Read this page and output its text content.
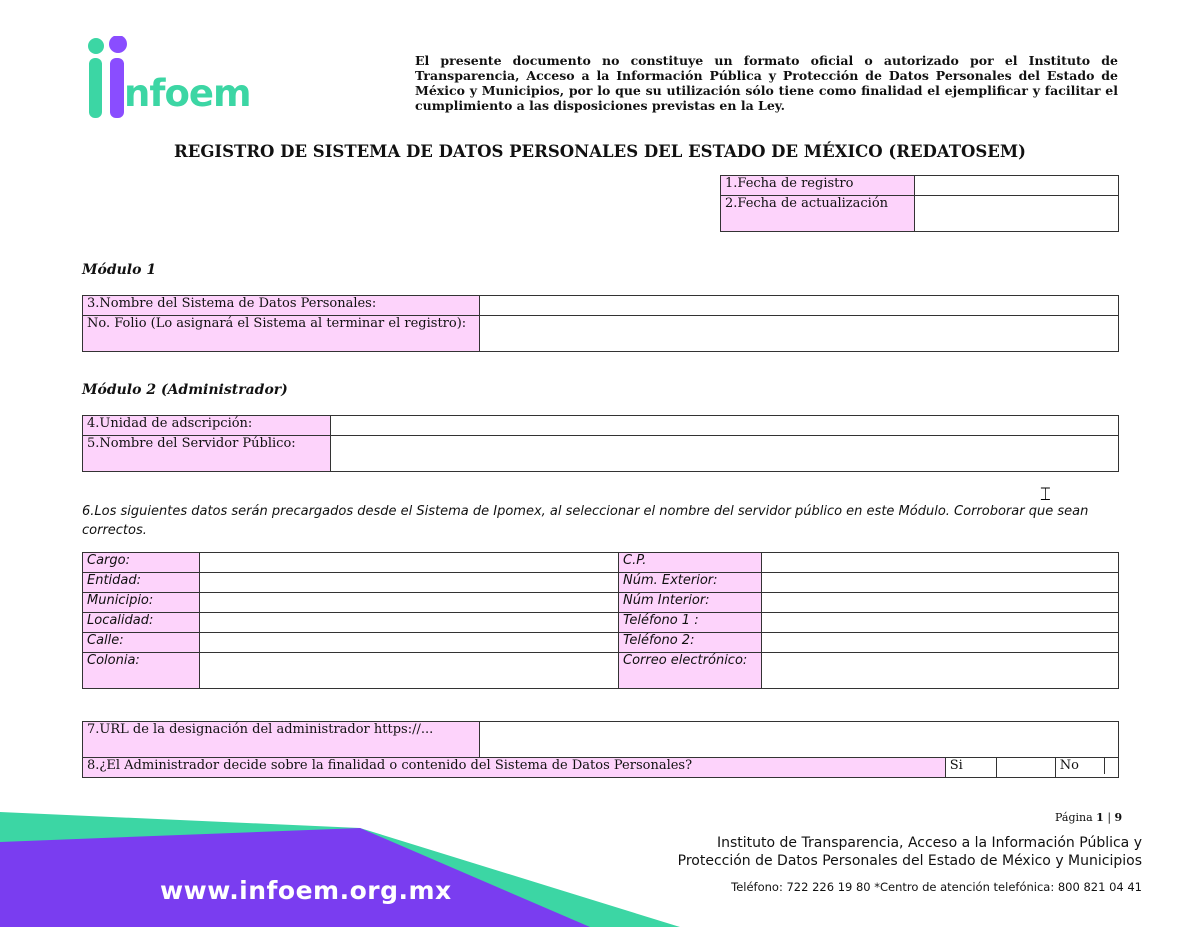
nfoem
El presente documento no constituye un formato oficial o autorizado por el Instituto de Transparencia, Acceso a la Información Pública y Protección de Datos Personales del Estado de México y Municipios, por lo que su utilización sólo tiene como finalidad el ejemplificar y facilitar el cumplimiento a las disposiciones previstas en la Ley.
REGISTRO DE SISTEMA DE DATOS PERSONALES DEL ESTADO DE MÉXICO (REDATOSEM)
1.Fecha de registro	
2.Fecha de actualización	
Módulo 1
3.Nombre del Sistema de Datos Personales:	
No. Folio (Lo asignará el Sistema al terminar el registro):	
Módulo 2 (Administrador)
4.Unidad de adscripción:	
5.Nombre del Servidor Público:	
6.Los siguientes datos serán precargados desde el Sistema de Ipomex, al seleccionar el nombre del servidor público en este Módulo. Corroborar que sean correctos.
Cargo:		C.P.	
Entidad:		Núm. Exterior:	
Municipio:		Núm Interior:	
Localidad:		Teléfono 1 :	
Calle:		Teléfono 2:	
Colonia:		Correo electrónico:	
7.URL de la designación del administrador https://...	
8.¿El Administrador decide sobre la finalidad o contenido del Sistema de Datos Personales?	Si			No	
⌶
Página 1 | 9
www.infoem.org.mx
Instituto de Transparencia, Acceso a la Información Pública y
Protección de Datos Personales del Estado de México y Municipios
Teléfono: 722 226 19 80 *Centro de atención telefónica: 800 821 04 41
